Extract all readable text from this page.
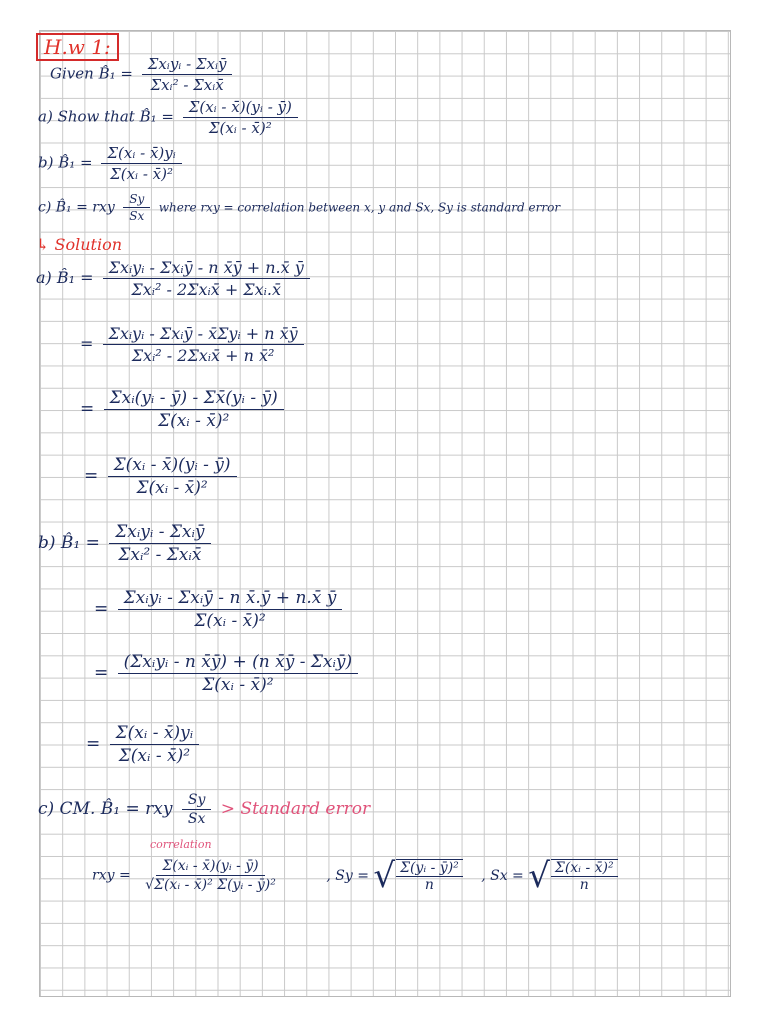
H.w 1:
Given B̂₁ = $\frac{\text{Σxᵢyᵢ - Σxᵢȳ}}{\text{Σxᵢ² - Σxᵢx̄}}$
a) Show that B̂₁ = $\frac{\text{Σ(xᵢ - x̄)(yᵢ - ȳ)}}{\text{Σ(xᵢ - x̄)²}}$
b) B̂₁ = $\frac{\text{Σ(xᵢ - x̄)yᵢ}}{\text{Σ(xᵢ - x̄)²}}$
c) B̂₁ = rxy $\frac{Sy}{Sx}$ where rxy = correlation between x, y and Sx, Sy is standard error
↳ Solution
a) B̂₁ = $\frac{\text{Σxᵢyᵢ - Σxᵢȳ - n x̄ȳ + n.x̄ ȳ}}{\text{Σxᵢ² - 2Σxᵢx̄ + Σxᵢ.x̄}}$
= $\frac{\text{Σxᵢyᵢ - Σxᵢȳ - x̄Σyᵢ + n x̄ȳ}}{\text{Σxᵢ² - 2Σxᵢx̄ + n x̄²}}$
= $\frac{\text{Σxᵢ(yᵢ - ȳ) - Σx̄(yᵢ - ȳ)}}{\text{Σ(xᵢ - x̄)²}}$
= $\frac{\text{Σ(xᵢ - x̄)(yᵢ - ȳ)}}{\text{Σ(xᵢ - x̄)²}}$
b) B̂₁ = $\frac{\text{Σxᵢyᵢ - Σxᵢȳ}}{\text{Σxᵢ² - Σxᵢx̄}}$
= $\frac{\text{Σxᵢyᵢ - Σxᵢȳ - n x̄.ȳ + n.x̄ ȳ}}{\text{Σ(xᵢ - x̄)²}}$
= $\frac{\text{(Σxᵢyᵢ - n x̄ȳ) + (n x̄ȳ - Σxᵢȳ)}}{\text{Σ(xᵢ - x̄)²}}$
= $\frac{\text{Σ(xᵢ - x̄)yᵢ}}{\text{Σ(xᵢ - x̄)²}}$
c) CM. B̂₁ = rxy $\frac{Sy}{Sx}$ > Standard error
correlation
rxy = $\frac{\text{Σ(xᵢ - x̄)(yᵢ - ȳ)}}{\text{√Σ(xᵢ - x̄)² Σ(yᵢ - ȳ)²}}$	, Sy = √ $\frac{\text{Σ(yᵢ - ȳ)²}}{n}$ , Sx = √ $\frac{\text{Σ(xᵢ - x̄)²}}{n}$
